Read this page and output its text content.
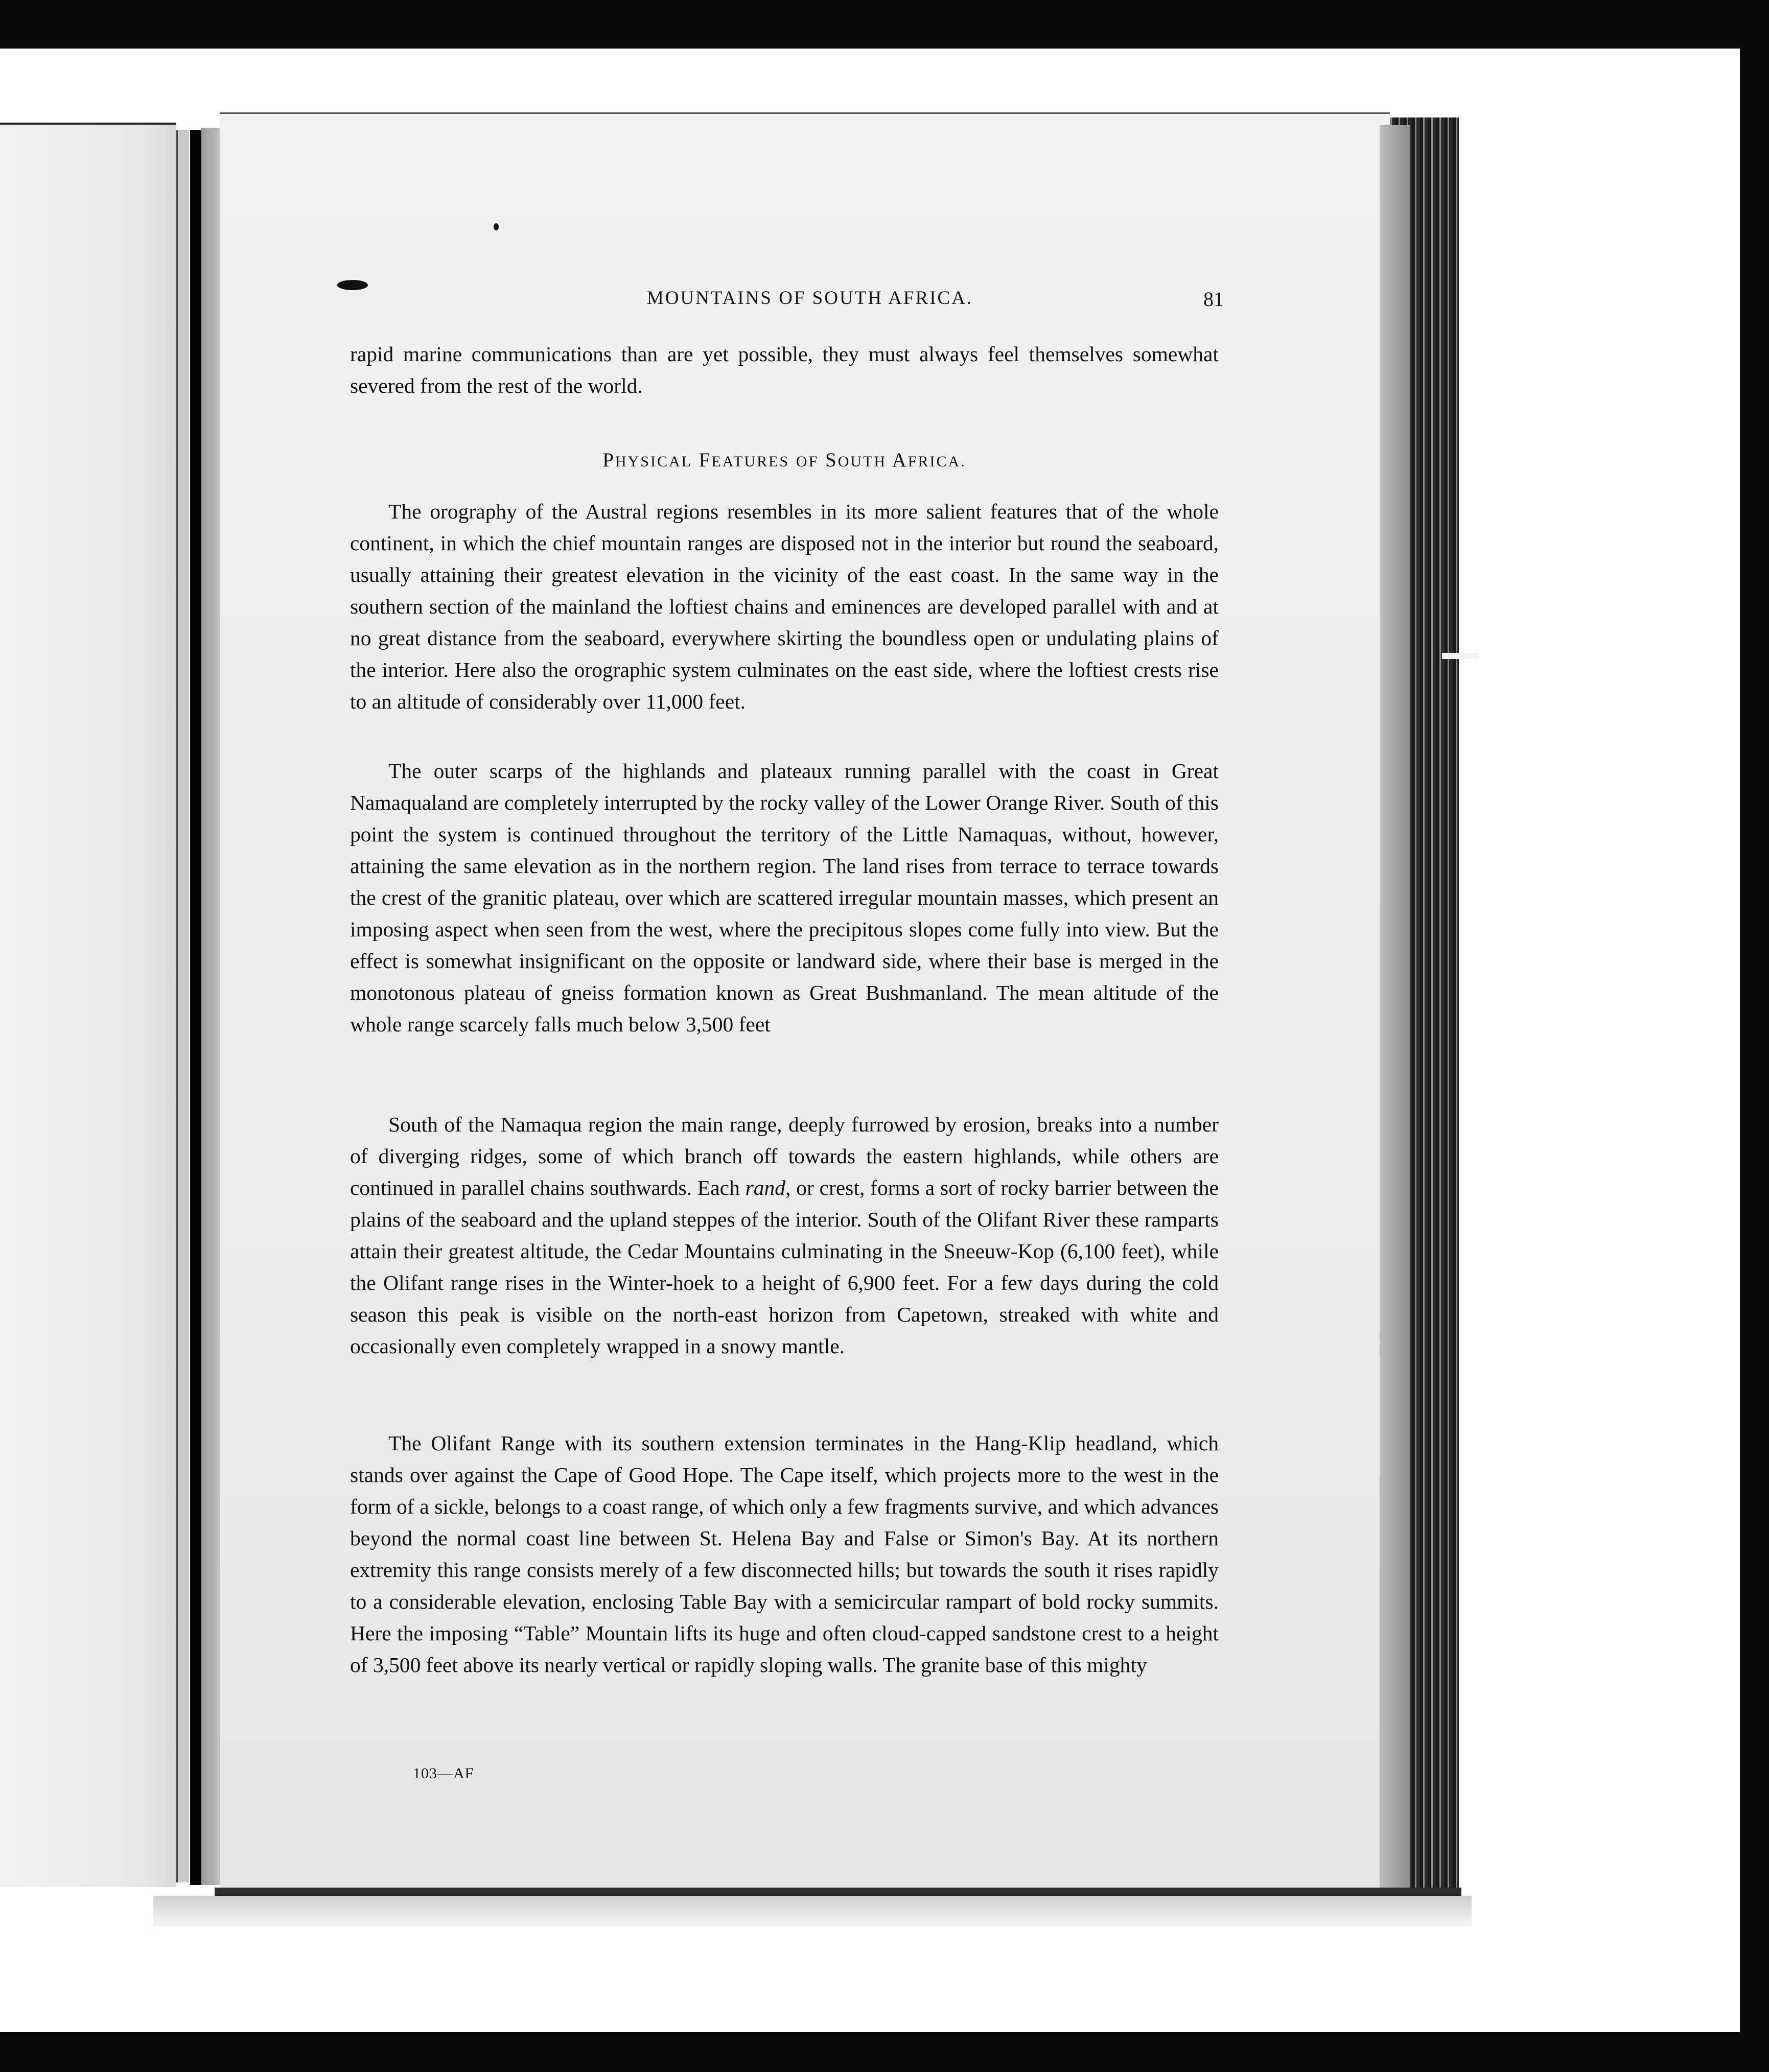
MOUNTAINS OF SOUTH AFRICA.	81

rapid marine communications than are yet possible, they must always feel themselves somewhat severed from the rest of the world.

PHYSICAL FEATURES OF SOUTH AFRICA.

The orography of the Austral regions resembles in its more salient features that of the whole continent, in which the chief mountain ranges are disposed not in the interior but round the seaboard, usually attaining their greatest elevation in the vicinity of the east coast. In the same way in the southern section of the mainland the loftiest chains and eminences are developed parallel with and at no great distance from the seaboard, everywhere skirting the boundless open or undulating plains of the interior. Here also the orographic system culminates on the east side, where the loftiest crests rise to an altitude of considerably over 11,000 feet.

The outer scarps of the highlands and plateaux running parallel with the coast in Great Namaqualand are completely interrupted by the rocky valley of the Lower Orange River. South of this point the system is continued throughout the territory of the Little Namaquas, without, however, attaining the same elevation as in the northern region. The land rises from terrace to terrace towards the crest of the granitic plateau, over which are scattered irregular mountain masses, which present an imposing aspect when seen from the west, where the precipitous slopes come fully into view. But the effect is somewhat insignificant on the opposite or landward side, where their base is merged in the monotonous plateau of gneiss formation known as Great Bushmanland. The mean altitude of the whole range scarcely falls much below 3,500 feet

South of the Namaqua region the main range, deeply furrowed by erosion, breaks into a number of diverging ridges, some of which branch off towards the eastern highlands, while others are continued in parallel chains southwards. Each rand, or crest, forms a sort of rocky barrier between the plains of the seaboard and the upland steppes of the interior. South of the Olifant River these ramparts attain their greatest altitude, the Cedar Mountains culminating in the Sneeuw-Kop (6,100 feet), while the Olifant range rises in the Winter-hoek to a height of 6,900 feet. For a few days during the cold season this peak is visible on the north-east horizon from Capetown, streaked with white and occasionally even completely wrapped in a snowy mantle.

The Olifant Range with its southern extension terminates in the Hang-Klip headland, which stands over against the Cape of Good Hope. The Cape itself, which projects more to the west in the form of a sickle, belongs to a coast range, of which only a few fragments survive, and which advances beyond the normal coast line between St. Helena Bay and False or Simon's Bay. At its northern extremity this range consists merely of a few disconnected hills; but towards the south it rises rapidly to a considerable elevation, enclosing Table Bay with a semicircular rampart of bold rocky summits. Here the imposing “Table” Mountain lifts its huge and often cloud-capped sandstone crest to a height of 3,500 feet above its nearly vertical or rapidly sloping walls. The granite base of this mighty

103—AF
